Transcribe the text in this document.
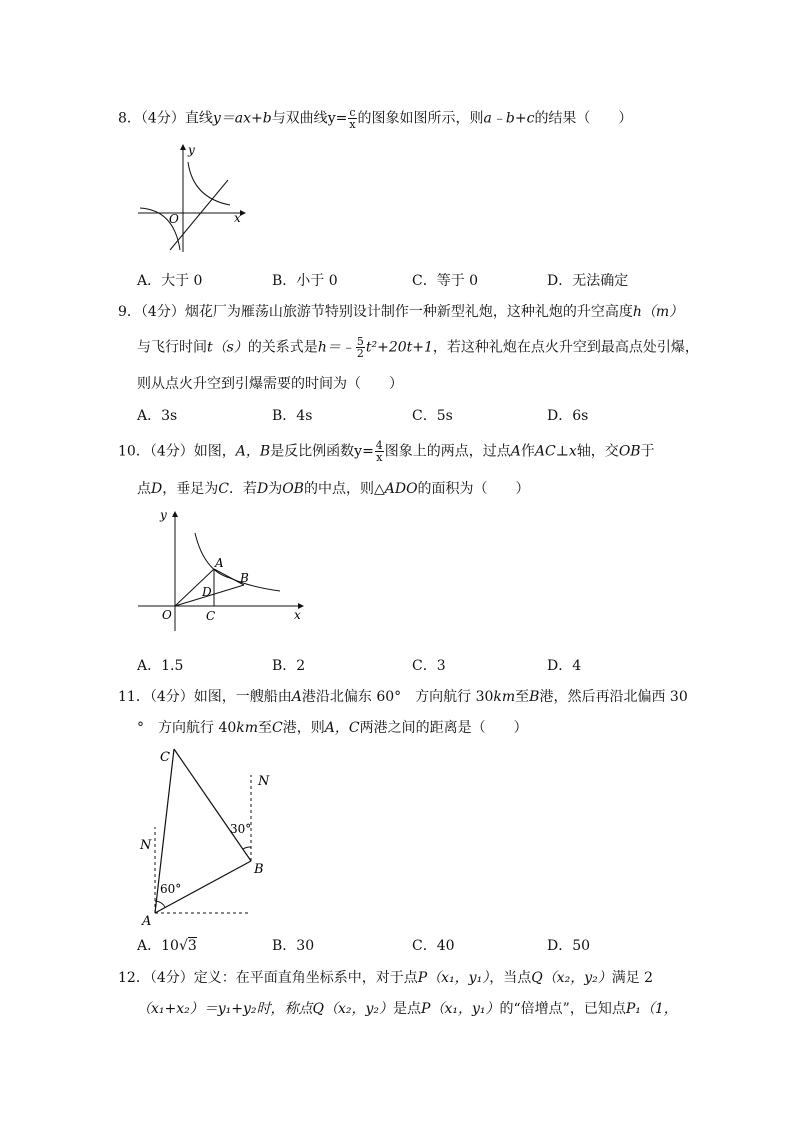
8．（4分）直线y＝ax+b与双曲线$y= \frac{c}{x}$ 的图象如图所示，则a﹣b+c的结果（　　）
y
x
O
A．大于 0	B．小于 0	C．等于 0	D．无法确定
9．（4分）烟花厂为雁荡山旅游节特别设计制作一种新型礼炮，这种礼炮的升空高度h（m）
与飞行时间t（s）的关系式是h＝﹣ $\frac{5}{2} t^2+20t+1$，若这种礼炮在点火升空到最高点处引爆，
则从点火升空到引爆需要的时间为（　　）
A．3s	B．4s	C．5s	D．6s
10．（4分）如图，A，B是反比例函数$y= \frac{4}{x}$ 图象上的两点，过点A作AC⊥x轴，交OB于
点D，垂足为C．若D为OB的中点，则△ADO的面积为（　　）
y
x
O
A
B
D
C
A．1.5	B．2	C．3	D．4
11．（4分）如图，一艘船由A港沿北偏东 60°　方向航行 30km至B港，然后再沿北偏西 30
°　方向航行 40km至C港，则A，C两港之间的距离是（　　）
C
N
N
B
A
60°
30°
A．10√3	B．30	C．40	D．50
12．（4分）定义：在平面直角坐标系中，对于点P（x₁，y₁），当点Q（x₂，y₂）满足 2
（x₁+x₂）＝y₁+y₂时，称点Q（x₂，y₂）是点P（x₁，y₁）的“倍增点”，已知点P₁（1，
